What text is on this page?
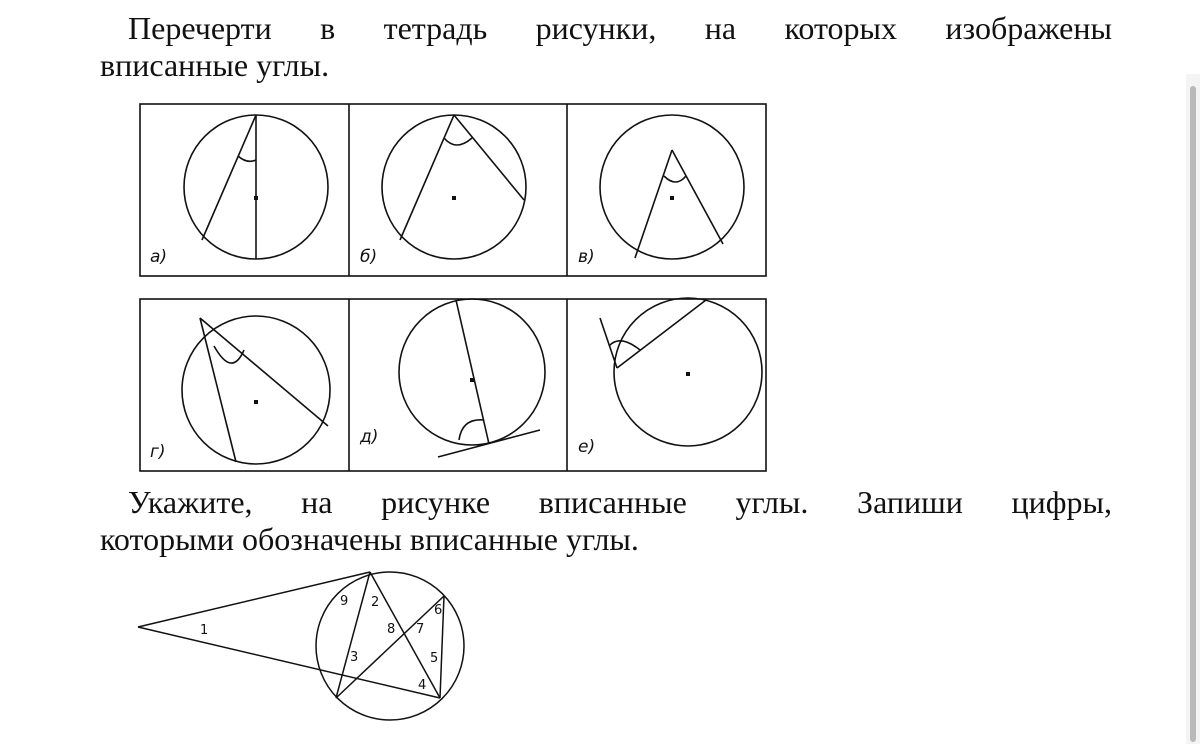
Перечерти в тетрадь рисунки, на которых изображены
вписанные углы.

а)	б)	в)
г)
д)	е)
1
2
3
4
5
6
7
8
9

Укажите, на рисунке вписанные углы. Запиши цифры,
которыми обозначены вписанные углы.
